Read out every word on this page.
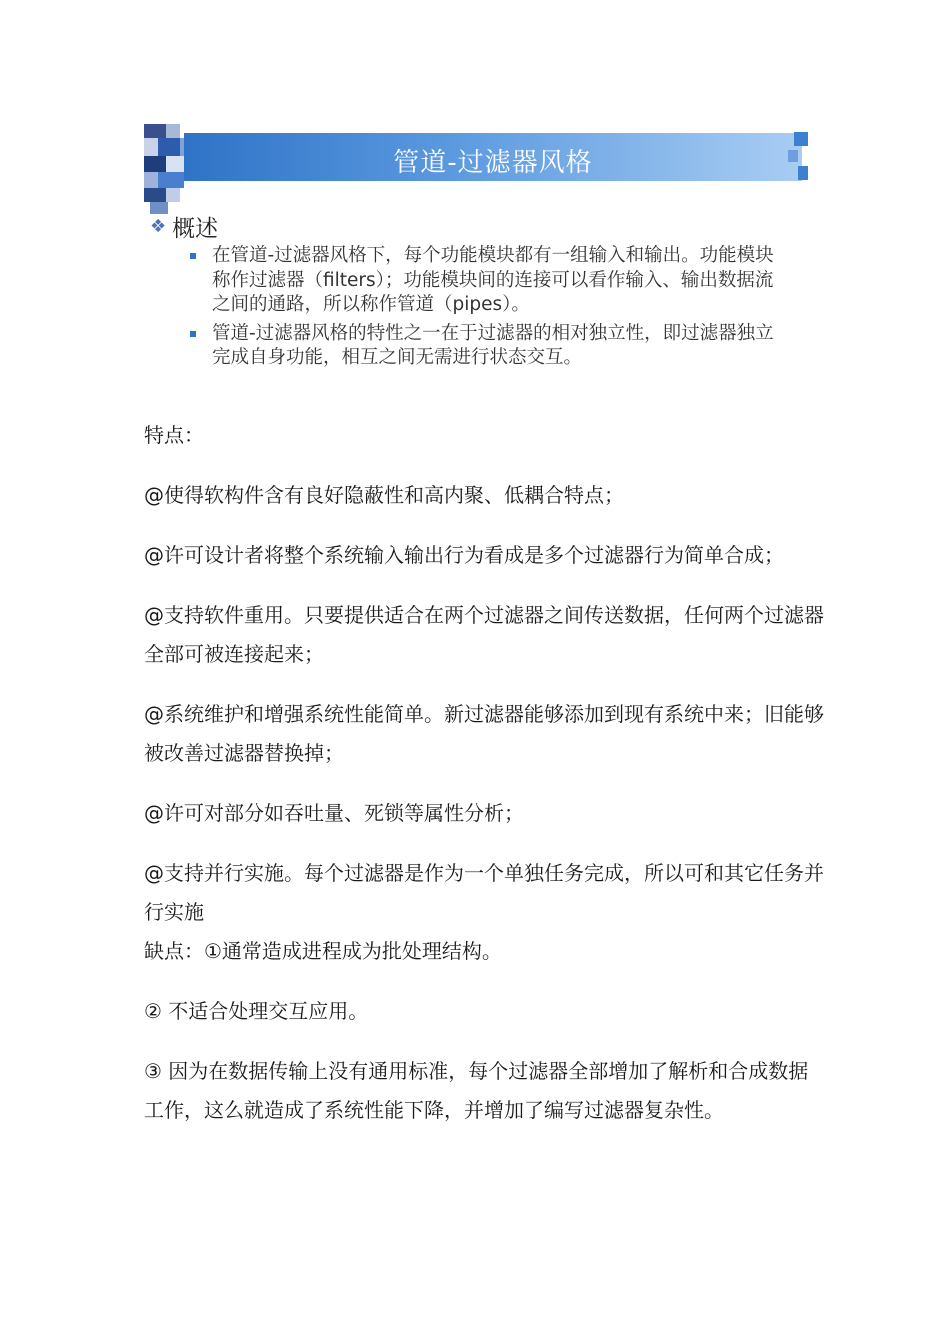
管道-过滤器风格
❖ 概述
在管道-过滤器风格下，每个功能模块都有一组输入和输出。功能模块称作过滤器（filters）；功能模块间的连接可以看作输入、输出数据流之间的通路，所以称作管道（pipes）。
管道-过滤器风格的特性之一在于过滤器的相对独立性，即过滤器独立完成自身功能，相互之间无需进行状态交互。

特点：

@使得软构件含有良好隐蔽性和高内聚、低耦合特点；

@许可设计者将整个系统输入输出行为看成是多个过滤器行为简单合成；

@支持软件重用。只要提供适合在两个过滤器之间传送数据，任何两个过滤器全部可被连接起来；

@系统维护和增强系统性能简单。新过滤器能够添加到现有系统中来；旧能够被改善过滤器替换掉；

@许可对部分如吞吐量、死锁等属性分析；

@支持并行实施。每个过滤器是作为一个单独任务完成，所以可和其它任务并行实施

缺点：①通常造成进程成为批处理结构。

② 不适合处理交互应用。

③ 因为在数据传输上没有通用标准，每个过滤器全部增加了解析和合成数据工作，这么就造成了系统性能下降，并增加了编写过滤器复杂性。
